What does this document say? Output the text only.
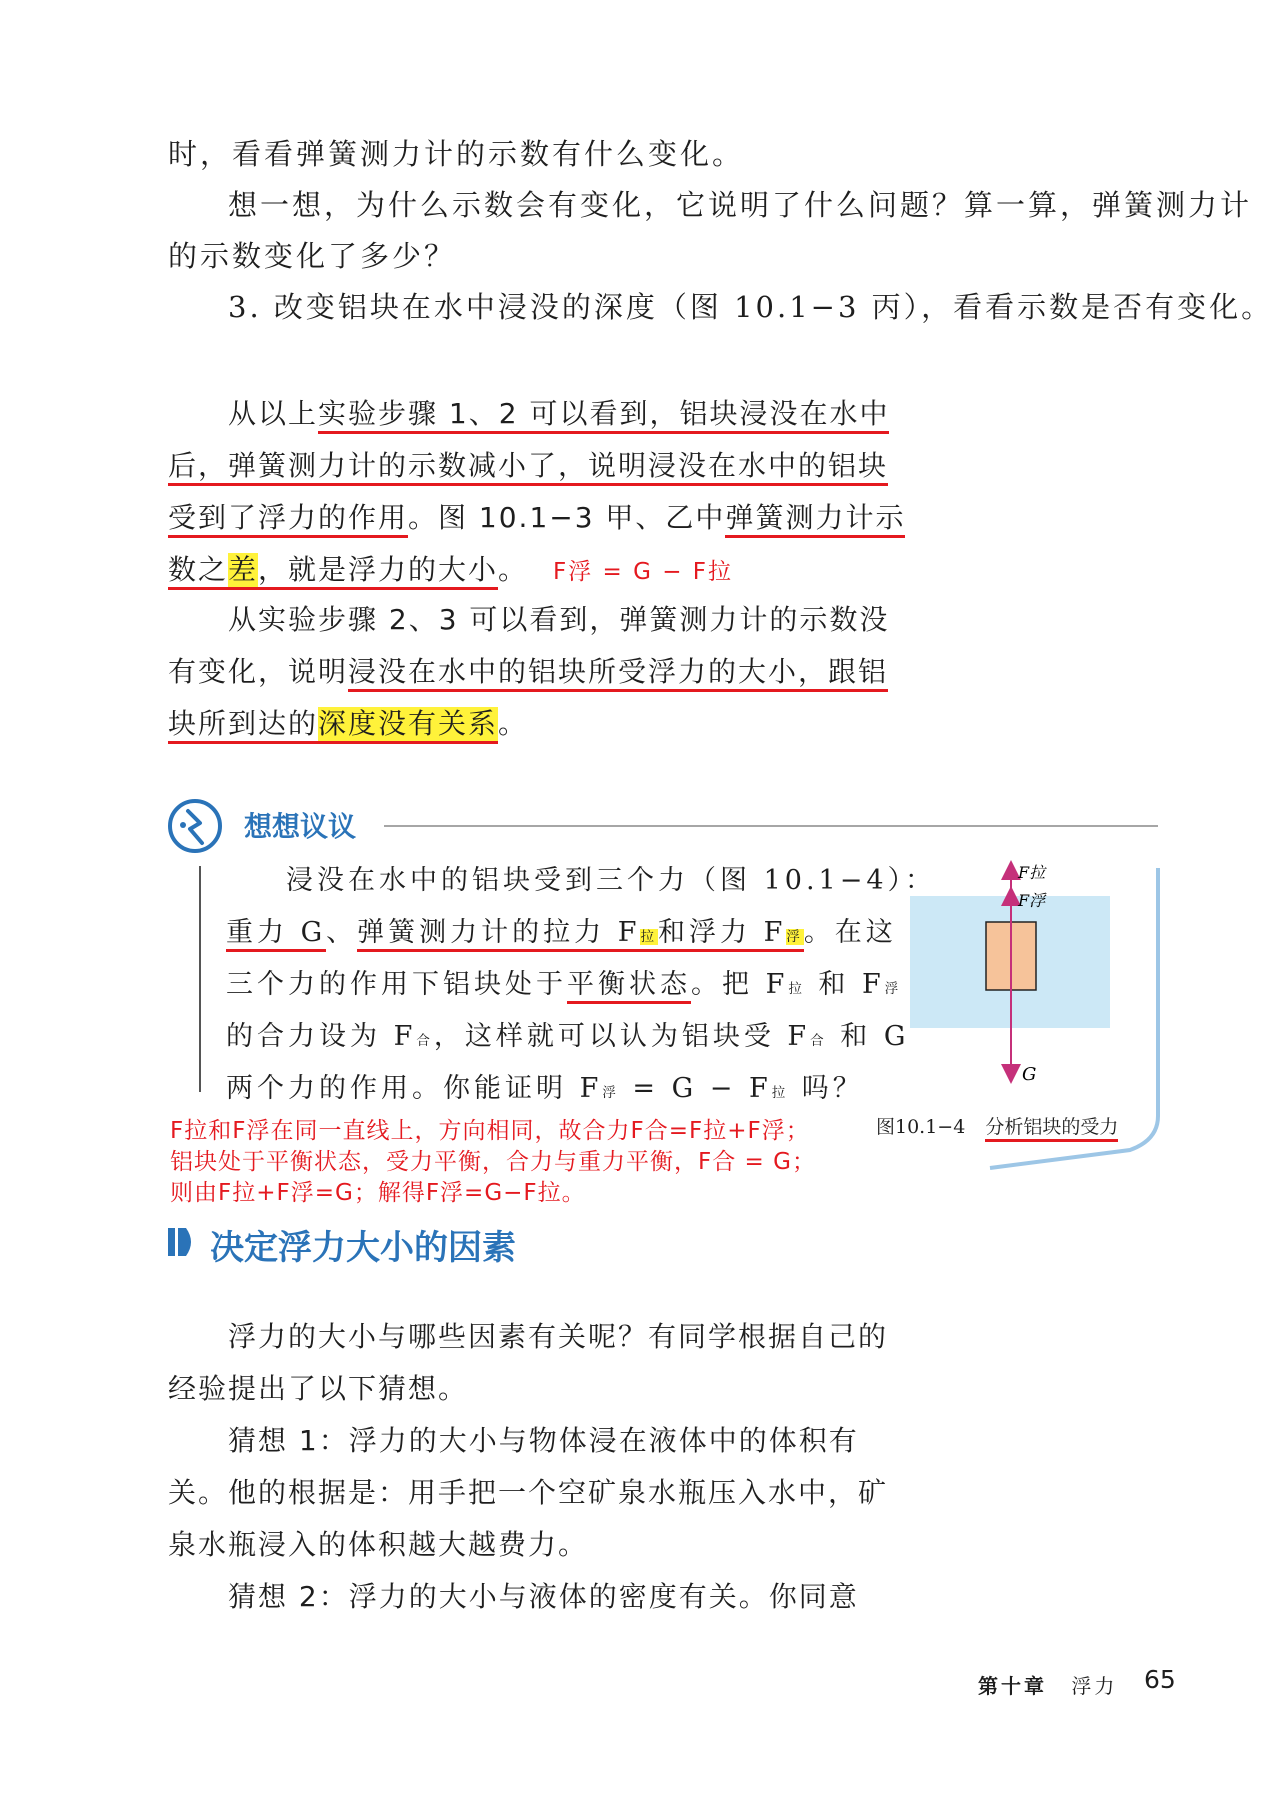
时，看看弹簧测力计的示数有什么变化。
想一想，为什么示数会有变化，它说明了什么问题？算一算，弹簧测力计
的示数变化了多少？
3. 改变铝块在水中浸没的深度（图 10.1−3 丙），看看示数是否有变化。
从以上实验步骤 1、2 可以看到，铝块浸没在水中
后，弹簧测力计的示数减小了，说明浸没在水中的铝块
受到了浮力的作用。图 10.1−3 甲、乙中弹簧测力计示
数之差，就是浮力的大小。 F浮 = G − F拉
从实验步骤 2、3 可以看到，弹簧测力计的示数没
有变化，说明浸没在水中的铝块所受浮力的大小，跟铝
块所到达的深度没有关系。
想想议议
浸没在水中的铝块受到三个力（图 10.1−4）：
重力 G、弹簧测力计的拉力 F拉和浮力 F浮。在这
三个力的作用下铝块处于平衡状态。把 F拉 和 F浮
的合力设为 F合，这样就可以认为铝块受 F合 和 G
两个力的作用。你能证明 F浮 = G − F拉 吗？
F拉和F浮在同一直线上，方向相同，故合力F合=F拉+F浮；
铝块处于平衡状态，受力平衡，合力与重力平衡，F合 = G；
则由F拉+F浮=G；解得F浮=G−F拉。
F拉
F浮
G
图10.1−4 分析铝块的受力
决定浮力大小的因素
浮力的大小与哪些因素有关呢？有同学根据自己的
经验提出了以下猜想。
猜想 1：浮力的大小与物体浸在液体中的体积有
关。他的根据是：用手把一个空矿泉水瓶压入水中，矿
泉水瓶浸入的体积越大越费力。
猜想 2：浮力的大小与液体的密度有关。你同意
第十章 浮力 65
